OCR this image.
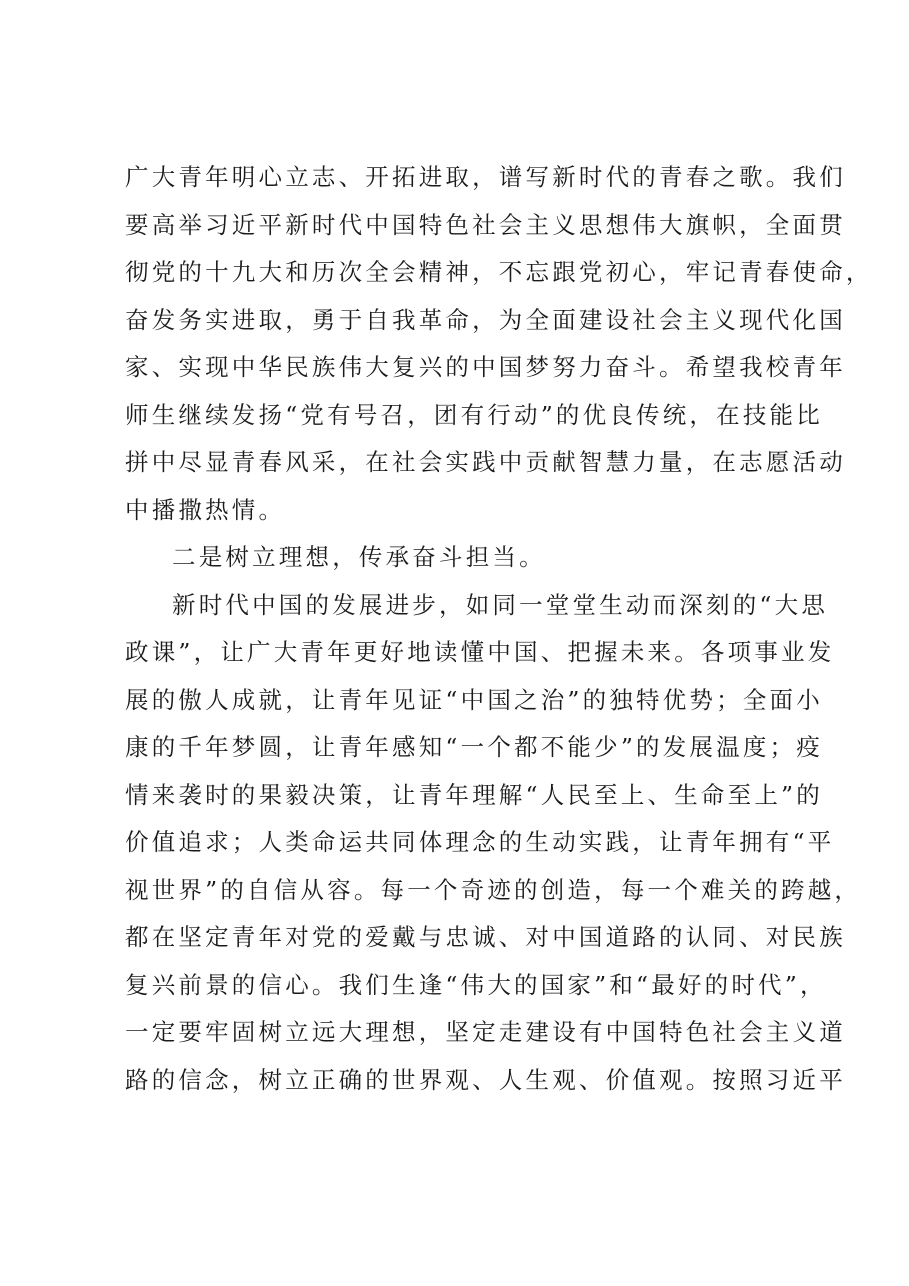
广大青年明心立志、开拓进取，谱写新时代的青春之歌。我们
要高举习近平新时代中国特色社会主义思想伟大旗帜，全面贯
彻党的十九大和历次全会精神，不忘跟党初心，牢记青春使命，
奋发务实进取，勇于自我革命，为全面建设社会主义现代化国
家、实现中华民族伟大复兴的中国梦努力奋斗。希望我校青年
师生继续发扬“党有号召，团有行动”的优良传统，在技能比
拼中尽显青春风采，在社会实践中贡献智慧力量，在志愿活动
中播撒热情。
二是树立理想，传承奋斗担当。
新时代中国的发展进步，如同一堂堂生动而深刻的“大思
政课”，让广大青年更好地读懂中国、把握未来。各项事业发
展的傲人成就，让青年见证“中国之治”的独特优势；全面小
康的千年梦圆，让青年感知“一个都不能少”的发展温度；疫
情来袭时的果毅决策，让青年理解“人民至上、生命至上”的
价值追求；人类命运共同体理念的生动实践，让青年拥有“平
视世界”的自信从容。每一个奇迹的创造，每一个难关的跨越，
都在坚定青年对党的爱戴与忠诚、对中国道路的认同、对民族
复兴前景的信心。我们生逢“伟大的国家”和“最好的时代”，
一定要牢固树立远大理想，坚定走建设有中国特色社会主义道
路的信念，树立正确的世界观、人生观、价值观。按照习近平
